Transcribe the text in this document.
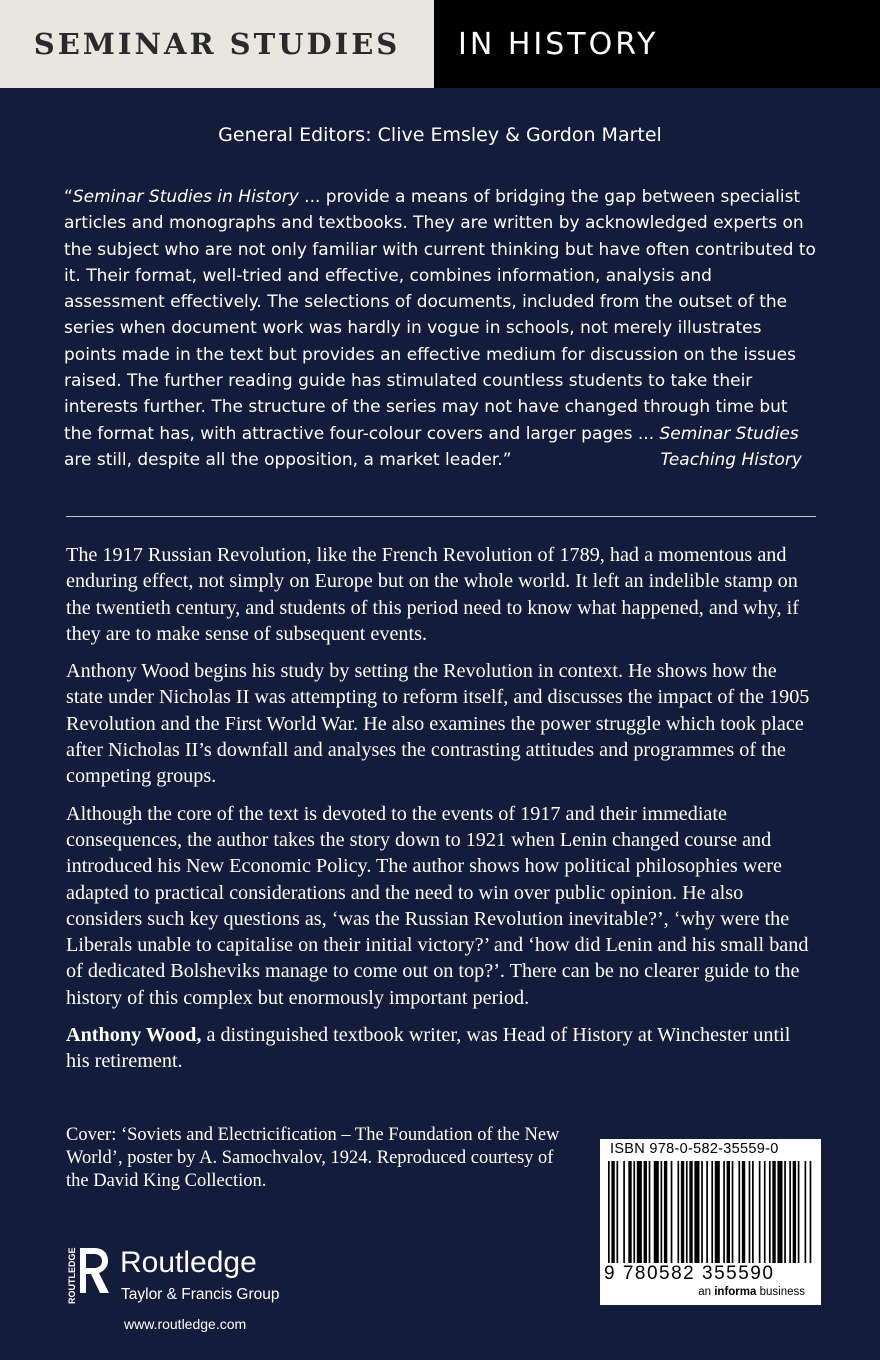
SEMINAR STUDIES IN HISTORY
General Editors: Clive Emsley & Gordon Martel
“Seminar Studies in History ... provide a means of bridging the gap between specialist articles and monographs and textbooks. They are written by acknowledged experts on the subject who are not only familiar with current thinking but have often contributed to it. Their format, well-tried and effective, combines information, analysis and assessment effectively. The selections of documents, included from the outset of the series when document work was hardly in vogue in schools, not merely illustrates points made in the text but provides an effective medium for discussion on the issues raised. The further reading guide has stimulated countless students to take their interests further. The structure of the series may not have changed through time but the format has, with attractive four-colour covers and larger pages ... Seminar Studies are still, despite all the opposition, a market leader.”	Teaching History

The 1917 Russian Revolution, like the French Revolution of 1789, had a momentous and enduring effect, not simply on Europe but on the whole world. It left an indelible stamp on the twentieth century, and students of this period need to know what happened, and why, if they are to make sense of subsequent events.

Anthony Wood begins his study by setting the Revolution in context. He shows how the state under Nicholas II was attempting to reform itself, and discusses the impact of the 1905 Revolution and the First World War. He also examines the power struggle which took place after Nicholas II’s downfall and analyses the contrasting attitudes and programmes of the competing groups.

Although the core of the text is devoted to the events of 1917 and their immediate consequences, the author takes the story down to 1921 when Lenin changed course and introduced his New Economic Policy. The author shows how political philosophies were adapted to practical considerations and the need to win over public opinion. He also considers such key questions as, ‘was the Russian Revolution inevitable?’, ‘why were the Liberals unable to capitalise on their initial victory?’ and ‘how did Lenin and his small band of dedicated Bolsheviks manage to come out on top?’. There can be no clearer guide to the history of this complex but enormously important period.

Anthony Wood, a distinguished textbook writer, was Head of History at Winchester until his retirement.

Cover: ‘Soviets and Electricification – The Foundation of the New World’, poster by A. Samochvalov, 1924. Reproduced courtesy of the David King Collection.
ISBN 978-0-582-35559-0
9 780582 355590
an informa business
ROUTLEDGE Routledge
Taylor & Francis Group
www.routledge.com
